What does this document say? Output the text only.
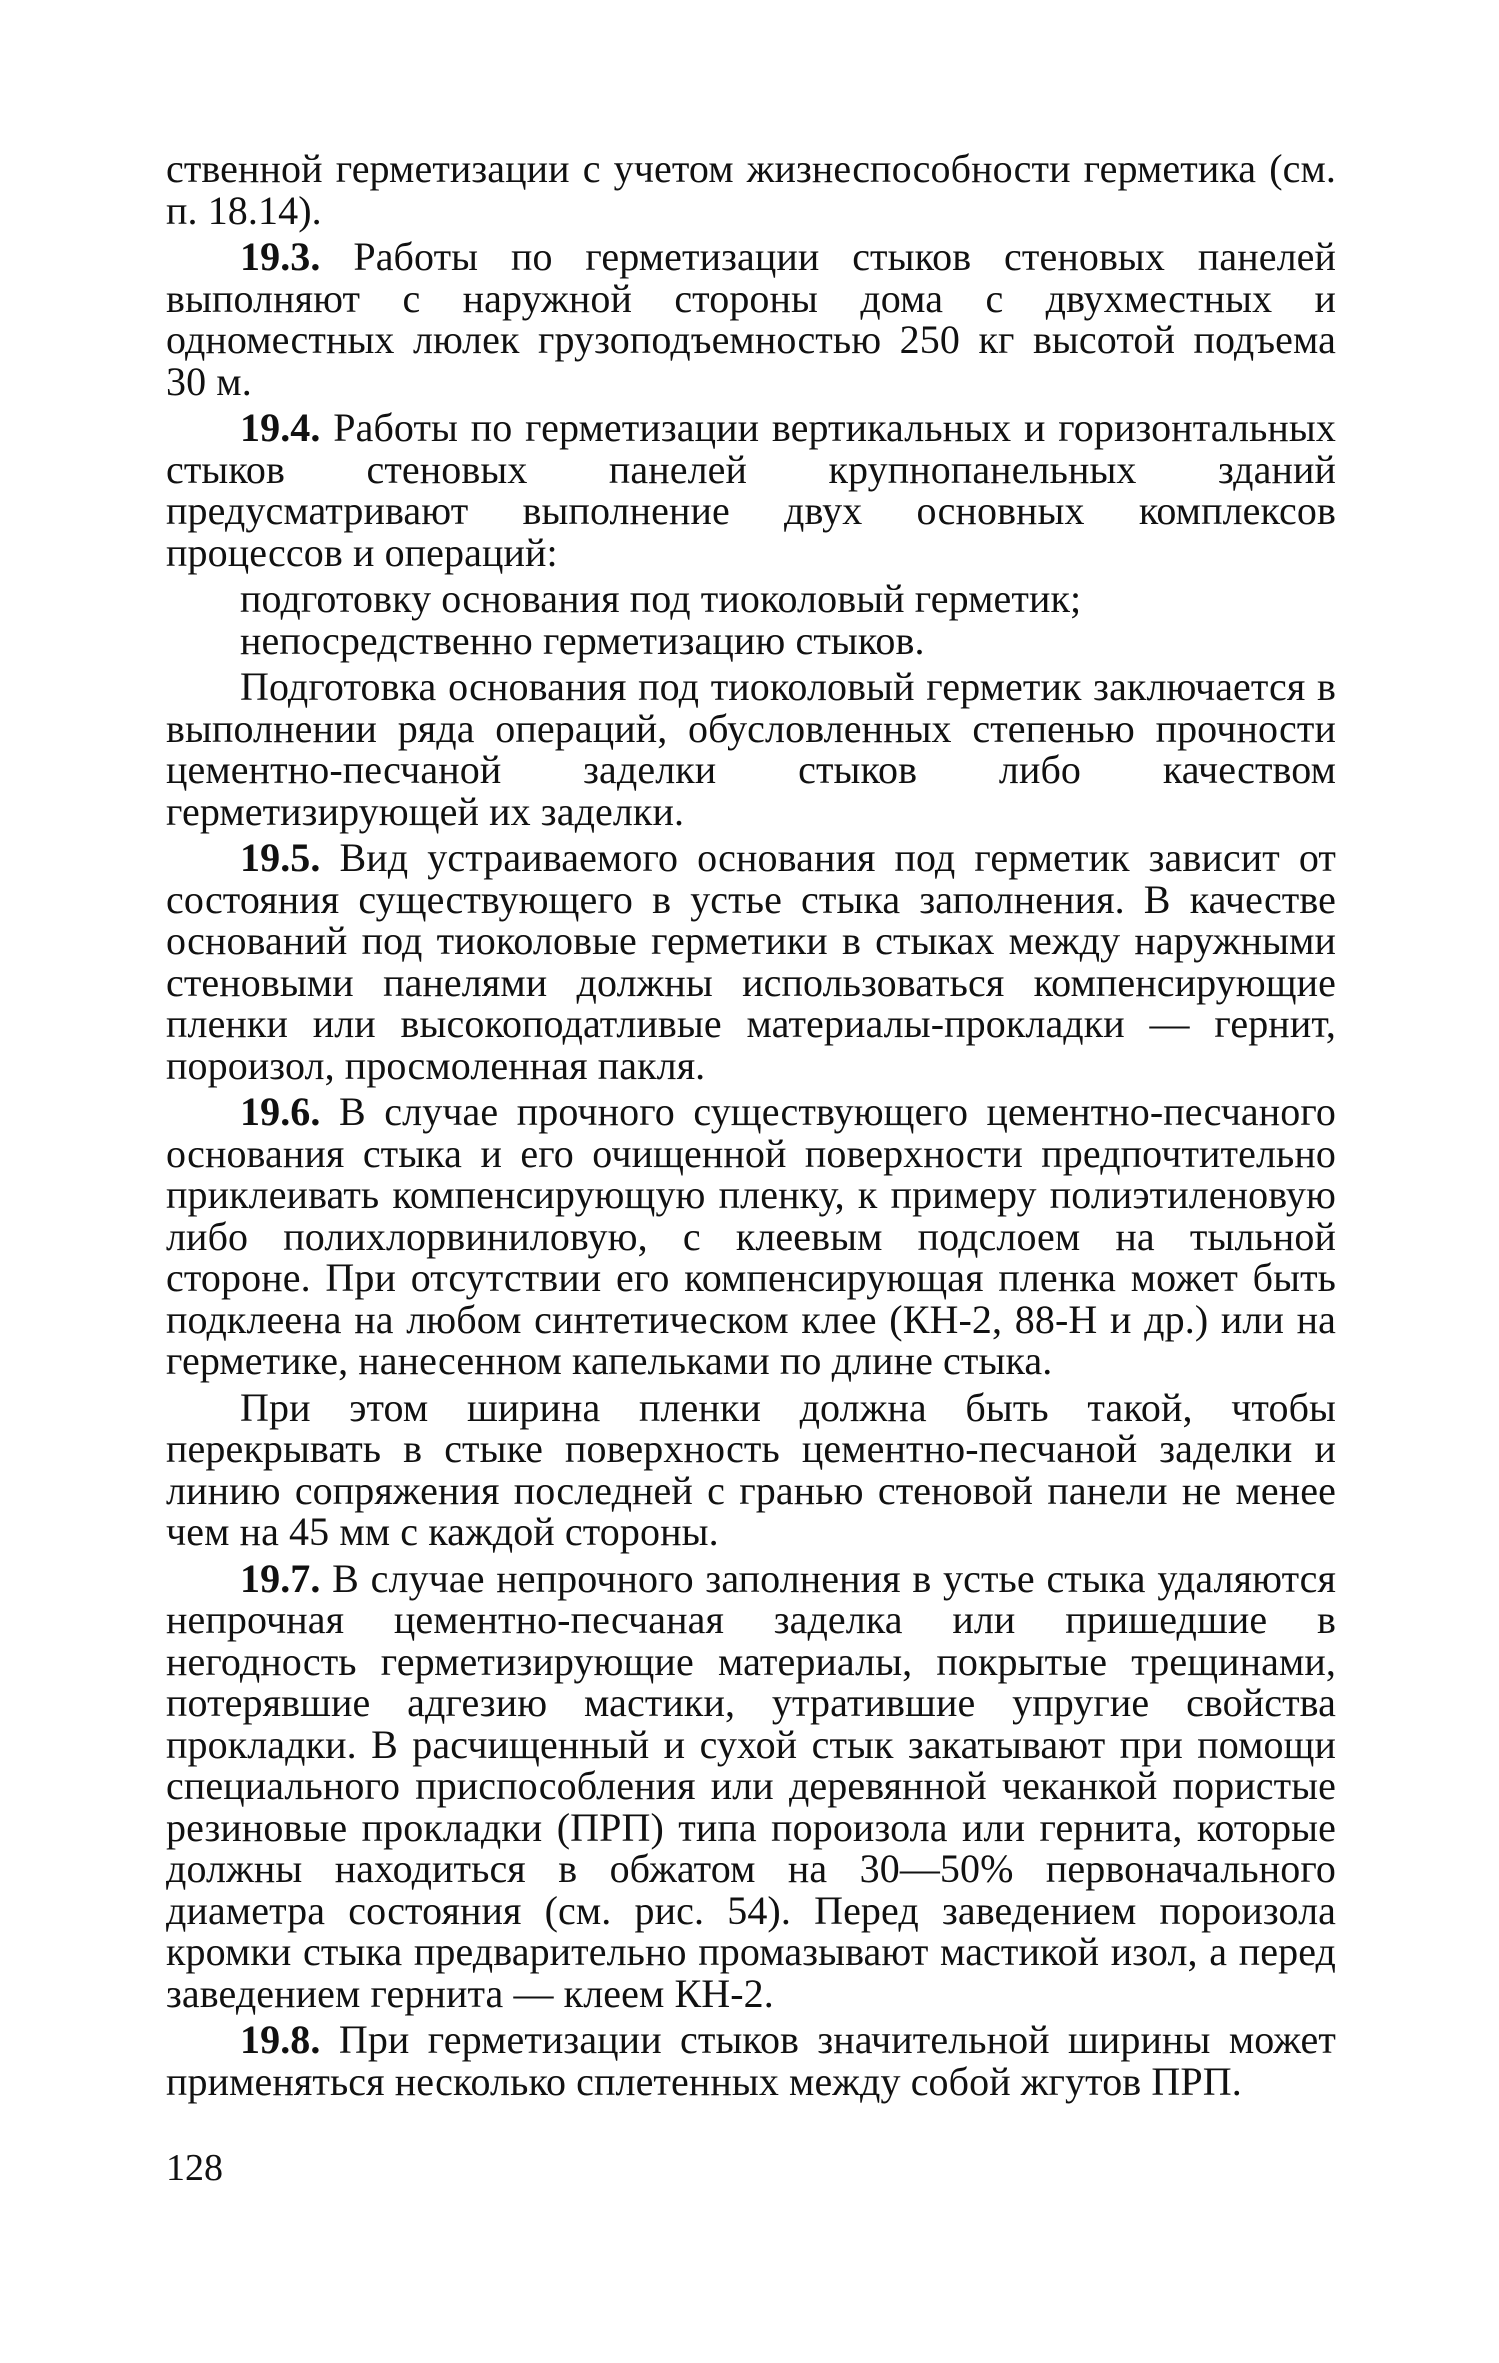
ственной герметизации с учетом жизнеспособности герметика (см. п. 18.14).

19.3. Работы по герметизации стыков стеновых панелей выполняют с наружной стороны дома с двухместных и одноместных люлек грузоподъемностью 250 кг высотой подъема 30 м.

19.4. Работы по герметизации вертикальных и горизонтальных стыков стеновых панелей крупнопанельных зданий предусматривают выполнение двух основных комплексов процессов и операций:

подготовку основания под тиоколовый герметик;

непосредственно герметизацию стыков.

Подготовка основания под тиоколовый герметик заключается в выполнении ряда операций, обусловленных степенью прочности цементно-песчаной заделки стыков либо качеством герметизирующей их заделки.

19.5. Вид устраиваемого основания под герметик зависит от состояния существующего в устье стыка заполнения. В качестве оснований под тиоколовые герметики в стыках между наружными стеновыми панелями должны использоваться компенсирующие пленки или высокоподатливые материалы-прокладки — гернит, пороизол, просмоленная пакля.

19.6. В случае прочного существующего цементно-песчаного основания стыка и его очищенной поверхности предпочтительно приклеивать компенсирующую пленку, к примеру полиэтиленовую либо полихлорвиниловую, с клеевым подслоем на тыльной стороне. При отсутствии его компенсирующая пленка может быть подклеена на любом синтетическом клее (КН-2, 88-Н и др.) или на герметике, нанесенном капельками по длине стыка.

При этом ширина пленки должна быть такой, чтобы перекрывать в стыке поверхность цементно-песчаной заделки и линию сопряжения последней с гранью стеновой панели не менее чем на 45 мм с каждой стороны.

19.7. В случае непрочного заполнения в устье стыка удаляются непрочная цементно-песчаная заделка или пришедшие в негодность герметизирующие материалы, покрытые трещинами, потерявшие адгезию мастики, утратившие упругие свойства прокладки. В расчищенный и сухой стык закатывают при помощи специального приспособления или деревянной чеканкой пористые резиновые прокладки (ПРП) типа пороизола или гернита, которые должны находиться в обжатом на 30—50% первоначального диаметра состояния (см. рис. 54). Перед заведением пороизола кромки стыка предварительно промазывают мастикой изол, а перед заведением гернита — клеем КН-2.

19.8. При герметизации стыков значительной ширины может применяться несколько сплетенных между собой жгутов ПРП.

128
